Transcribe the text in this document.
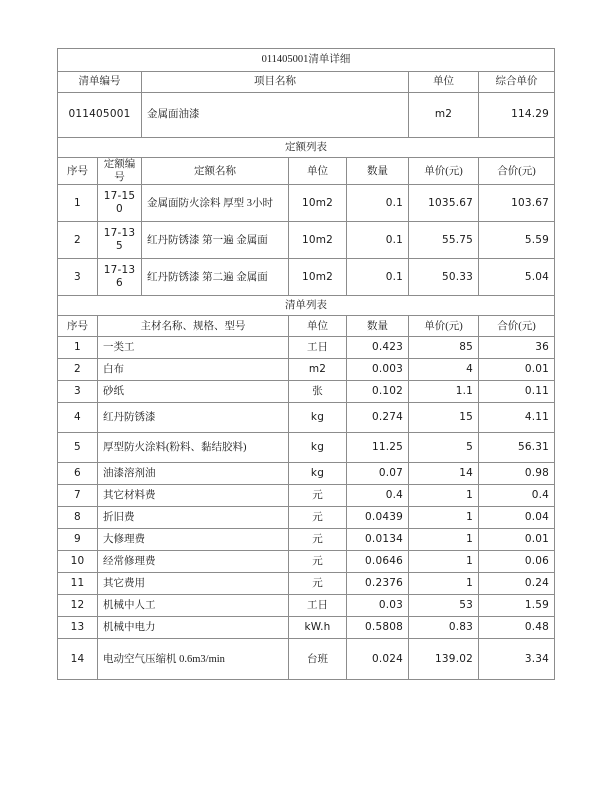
011405001清单详细						
清单编号		项目名称			单位	综合单价
011405001		金属面油漆			m2	114.29
定额列表						
序号	定额编号	定额名称	单位	数量	单价(元)	合价(元)
1	17-150	金属面防火涂料 厚型 3小时	10m2	0.1	1035.67	103.67
2	17-135	红丹防锈漆 第一遍 金属面	10m2	0.1	55.75	5.59
3	17-136	红丹防锈漆 第二遍 金属面	10m2	0.1	50.33	5.04
清单列表						
序号	主材名称、规格、型号		单位	数量	单价(元)	合价(元)
1	一类工		工日	0.423	85	36
2	白布		m2	0.003	4	0.01
3	砂纸		张	0.102	1.1	0.11
4	红丹防锈漆		kg	0.274	15	4.11
5	厚型防火涂料(粉料、黏结胶料)		kg	11.25	5	56.31
6	油漆溶剂油		kg	0.07	14	0.98
7	其它材料费		元	0.4	1	0.4
8	折旧费		元	0.0439	1	0.04
9	大修理费		元	0.0134	1	0.01
10	经常修理费		元	0.0646	1	0.06
11	其它费用		元	0.2376	1	0.24
12	机械中人工		工日	0.03	53	1.59
13	机械中电力		kW.h	0.5808	0.83	0.48
14	电动空气压缩机 0.6m3/min		台班	0.024	139.02	3.34
